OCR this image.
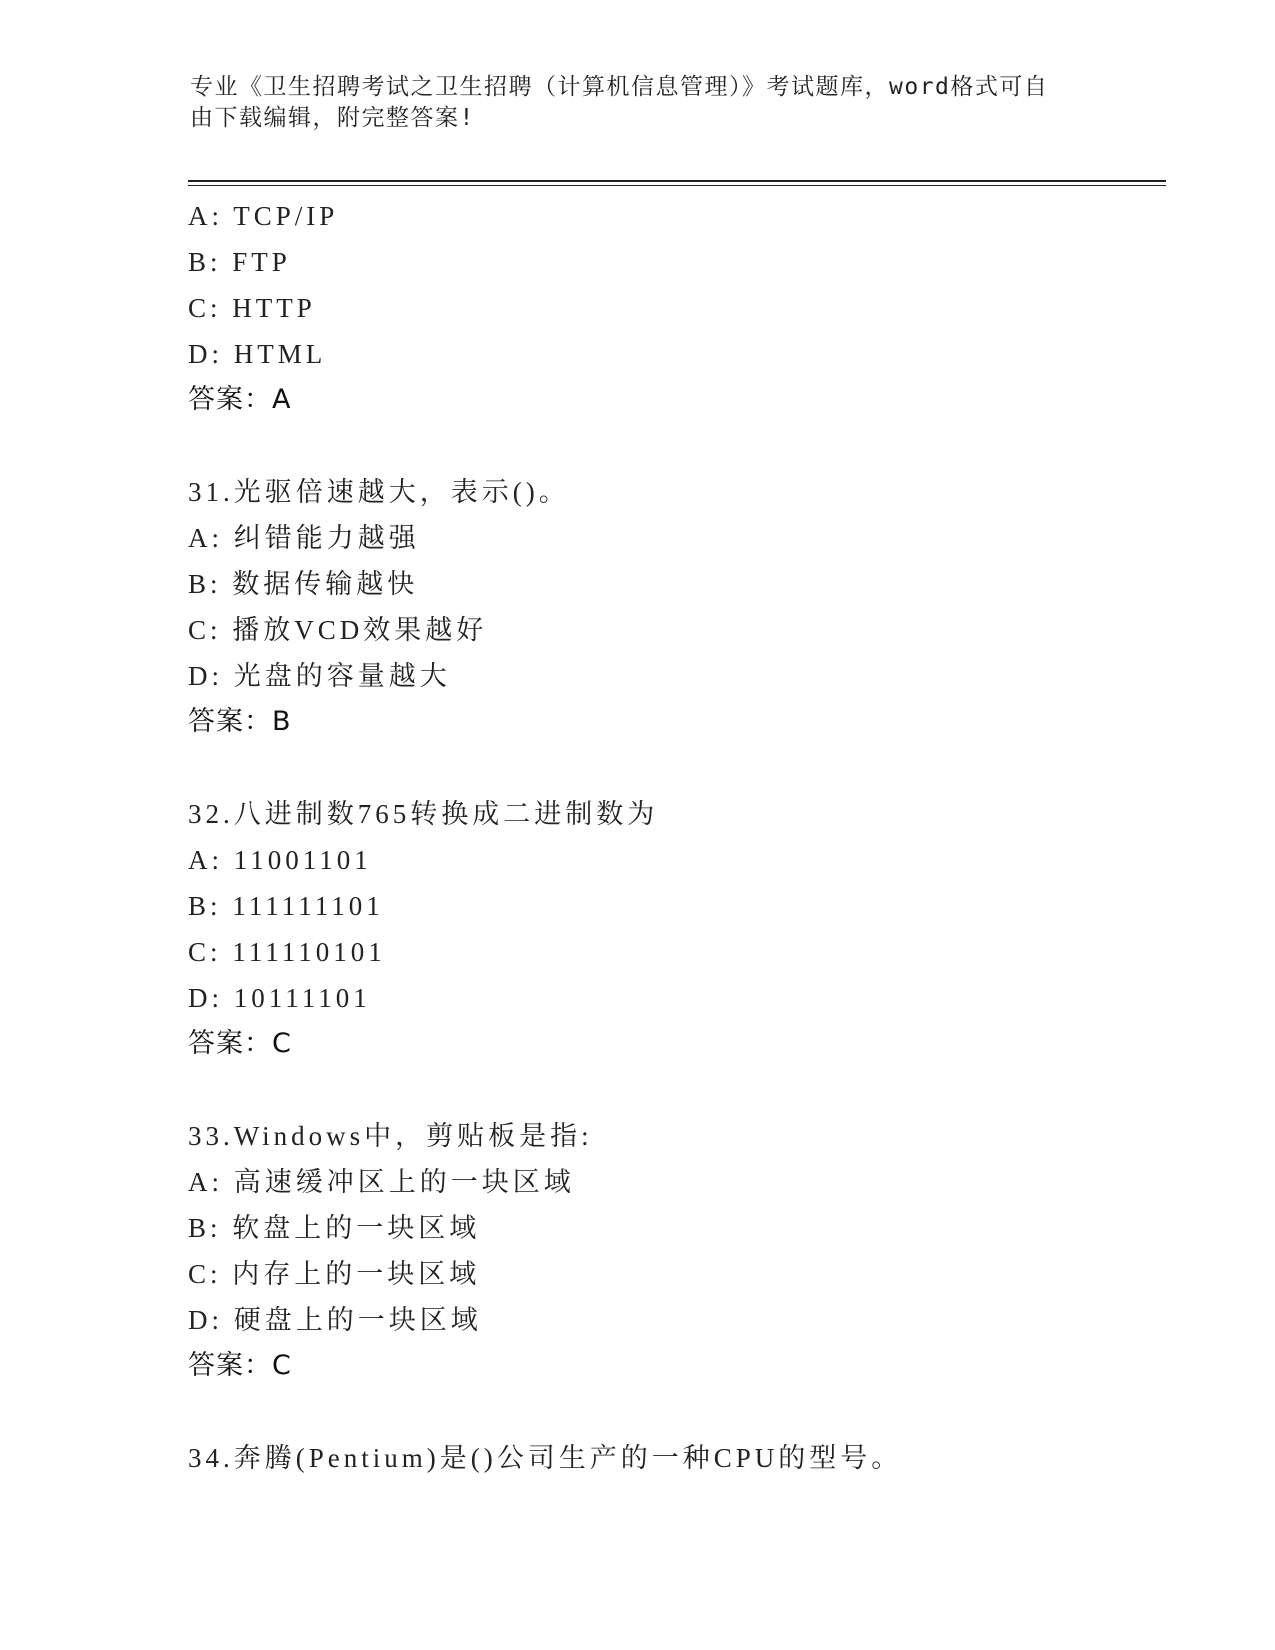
专业《卫生招聘考试之卫生招聘（计算机信息管理）》考试题库，word格式可自
由下载编辑，附完整答案!
A: TCP/IP
B: FTP
C: HTTP
D: HTML
答案：A
31.光驱倍速越大，表示()。
A: 纠错能力越强
B: 数据传输越快
C: 播放VCD效果越好
D: 光盘的容量越大
答案：B
32.八进制数765转换成二进制数为
A: 11001101
B: 111111101
C: 111110101
D: 10111101
答案：C
33.Windows中，剪贴板是指:
A: 高速缓冲区上的一块区域
B: 软盘上的一块区域
C: 内存上的一块区域
D: 硬盘上的一块区域
答案：C
34.奔腾(Pentium)是()公司生产的一种CPU的型号。
